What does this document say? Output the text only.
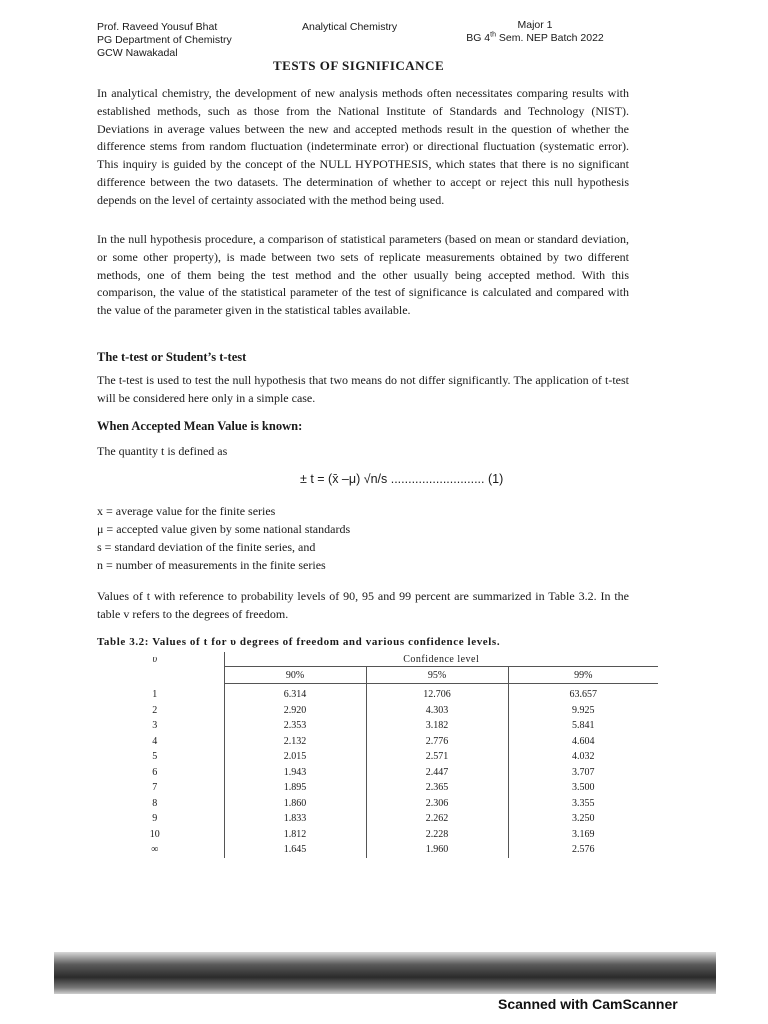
Prof. Raveed Yousuf Bhat
PG Department of Chemistry
GCW Nawakadal
Analytical Chemistry	Major 1
BG 4th Sem. NEP Batch 2022
TESTS OF SIGNIFICANCE

In analytical chemistry, the development of new analysis methods often necessitates comparing results with established methods, such as those from the National Institute of Standards and Technology (NIST). Deviations in average values between the new and accepted methods result in the question of whether the difference stems from random fluctuation (indeterminate error) or directional fluctuation (systematic error). This inquiry is guided by the concept of the NULL HYPOTHESIS, which states that there is no significant difference between the two datasets. The determination of whether to accept or reject this null hypothesis depends on the level of certainty associated with the method being used.

In the null hypothesis procedure, a comparison of statistical parameters (based on mean or standard deviation, or some other property), is made between two sets of replicate measurements obtained by two different methods, one of them being the test method and the other usually being accepted method. With this comparison, the value of the statistical parameter of the test of significance is calculated and compared with the value of the parameter given in the statistical tables available.

The t-test or Student’s t-test

The t-test is used to test the null hypothesis that two means do not differ significantly. The application of t-test will be considered here only in a simple case.

When Accepted Mean Value is known:

The quantity t is defined as

± t = (x̄ –μ) √n/s ........................... (1)
x = average value for the finite series
μ = accepted value given by some national standards
s = standard deviation of the finite series, and
n = number of measurements in the finite series

Values of t with reference to probability levels of 90, 95 and 99 percent are summarized in Table 3.2. In the table v refers to the degrees of freedom.

Table 3.2: Values of t for υ degrees of freedom and various confidence levels.
υ	Confidence level		
	90%	95%	99%
1	6.314	12.706	63.657
2	2.920	4.303	9.925
3	2.353	3.182	5.841
4	2.132	2.776	4.604
5	2.015	2.571	4.032
6	1.943	2.447	3.707
7	1.895	2.365	3.500
8	1.860	2.306	3.355
9	1.833	2.262	3.250
10	1.812	2.228	3.169
∞	1.645	1.960	2.576
Scanned with CamScanner
